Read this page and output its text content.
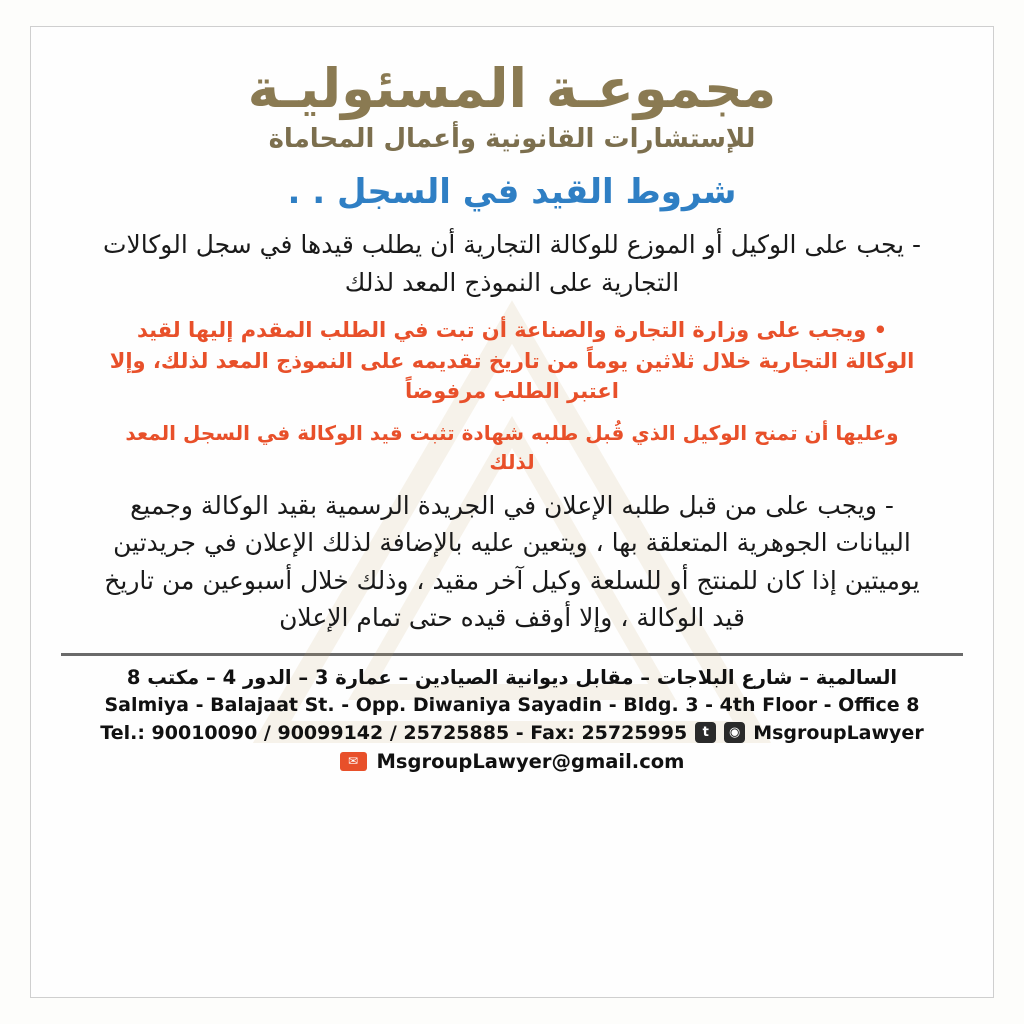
مجموعـة المسئوليـة
للإستشارات القانونية وأعمال المحاماة
شروط القيد في السجل . .

- يجب على الوكيل أو الموزع للوكالة التجارية أن يطلب قيدها في سجل الوكالات التجارية على النموذج المعد لذلك

• ويجب على وزارة التجارة والصناعة أن تبت في الطلب المقدم إليها لقيد الوكالة التجارية خلال ثلاثين يوماً من تاريخ تقديمه على النموذج المعد لذلك، وإلا اعتبر الطلب مرفوضاً

وعليها أن تمنح الوكيل الذي قُبل طلبه شهادة تثبت قيد الوكالة في السجل المعد لذلك

- ويجب على من قبل طلبه الإعلان في الجريدة الرسمية بقيد الوكالة وجميع البيانات الجوهرية المتعلقة بها ، ويتعين عليه بالإضافة لذلك الإعلان في جريدتين يوميتين إذا كان للمنتج أو للسلعة وكيل آخر مقيد ، وذلك خلال أسبوعين من تاريخ قيد الوكالة ، وإلا أوقف قيده حتى تمام الإعلان

السالمية – شارع البلاجات – مقابل ديوانية الصيادين – عمارة 3 – الدور 4 – مكتب 8
Salmiya - Balajaat St. - Opp. Diwaniya Sayadin - Bldg. 3 - 4th Floor - Office 8
Tel.: 90010090 / 90099142 / 25725885 - Fax: 25725995	t	◉ MsgroupLawyer
✉ MsgroupLawyer@gmail.com
